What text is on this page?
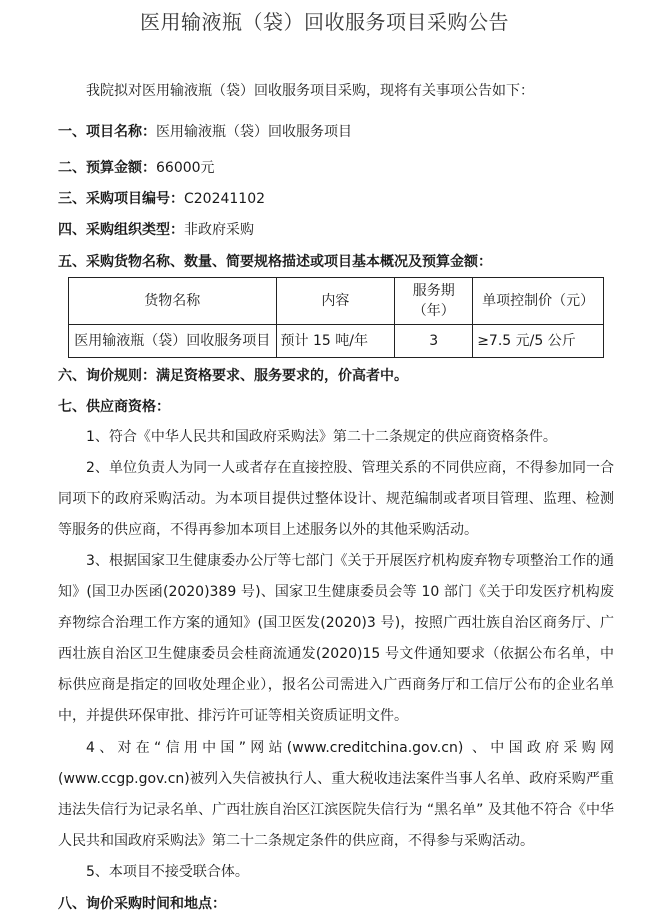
医用输液瓶（袋）回收服务项目采购公告
我院拟对医用输液瓶（袋）回收服务项目采购，现将有关事项公告如下：
一、项目名称：医用输液瓶（袋）回收服务项目
二、预算金额：66000元
三、采购项目编号：C20241102
四、采购组织类型：非政府采购
五、采购货物名称、数量、简要规格描述或项目基本概况及预算金额：
货物名称	内容	服务期（年）	单项控制价（元）
医用输液瓶（袋）回收服务项目	预计 15 吨/年	3	≥7.5 元/5 公斤
六、询价规则：满足资格要求、服务要求的，价高者中。
七、供应商资格：
1、符合《中华人民共和国政府采购法》第二十二条规定的供应商资格条件。
2、单位负责人为同一人或者存在直接控股、管理关系的不同供应商，不得参加同一合同项下的政府采购活动。为本项目提供过整体设计、规范编制或者项目管理、监理、检测等服务的供应商，不得再参加本项目上述服务以外的其他采购活动。
3、根据国家卫生健康委办公厅等七部门《关于开展医疗机构废弃物专项整治工作的通知》(国卫办医函(2020)389 号)、国家卫生健康委员会等 10 部门《关于印发医疗机构废弃物综合治理工作方案的通知》(国卫医发(2020)3 号)，按照广西壮族自治区商务厅、广西壮族自治区卫生健康委员会桂商流通发(2020)15 号文件通知要求（依据公布名单，中标供应商是指定的回收处理企业），报名公司需进入广西商务厅和工信厅公布的企业名单中，并提供环保审批、排污许可证等相关资质证明文件。
4、对在“信用中国”网站(www.creditchina.gov.cn) 、中国政府采购网(www.ccgp.gov.cn)被列入失信被执行人、重大税收违法案件当事人名单、政府采购严重违法失信行为记录名单、广西壮族自治区江滨医院失信行为 “黑名单” 及其他不符合《中华人民共和国政府采购法》第二十二条规定条件的供应商，不得参与采购活动。
5、本项目不接受联合体。
八、询价采购时间和地点：
